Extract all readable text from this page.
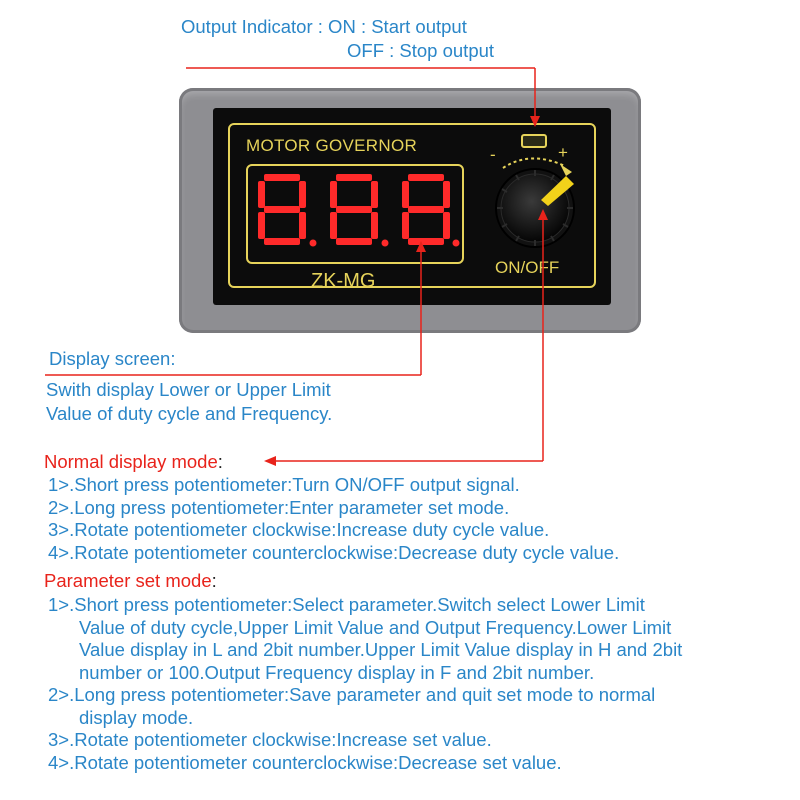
Output Indicator : ON : Start output
OFF : Stop output
MOTOR GOVERNOR
ZK-MG
ON/OFF
-	+
Display screen:
Swith display Lower or Upper Limit
Value of duty cycle and Frequency.
Normal display mode:
1>.Short press potentiometer:Turn ON/OFF output signal.
2>.Long press potentiometer:Enter parameter set mode.
3>.Rotate potentiometer clockwise:Increase duty cycle value.
4>.Rotate potentiometer counterclockwise:Decrease duty cycle value.
Parameter set mode:
1>.Short press potentiometer:Select parameter.Switch select Lower Limit
Value of duty cycle,Upper Limit Value and Output Frequency.Lower Limit
Value display in L and 2bit number.Upper Limit Value display in H and 2bit
number or 100.Output Frequency display in F and 2bit number.
2>.Long press potentiometer:Save parameter and quit set mode to normal
display mode.
3>.Rotate potentiometer clockwise:Increase set value.
4>.Rotate potentiometer counterclockwise:Decrease set value.
